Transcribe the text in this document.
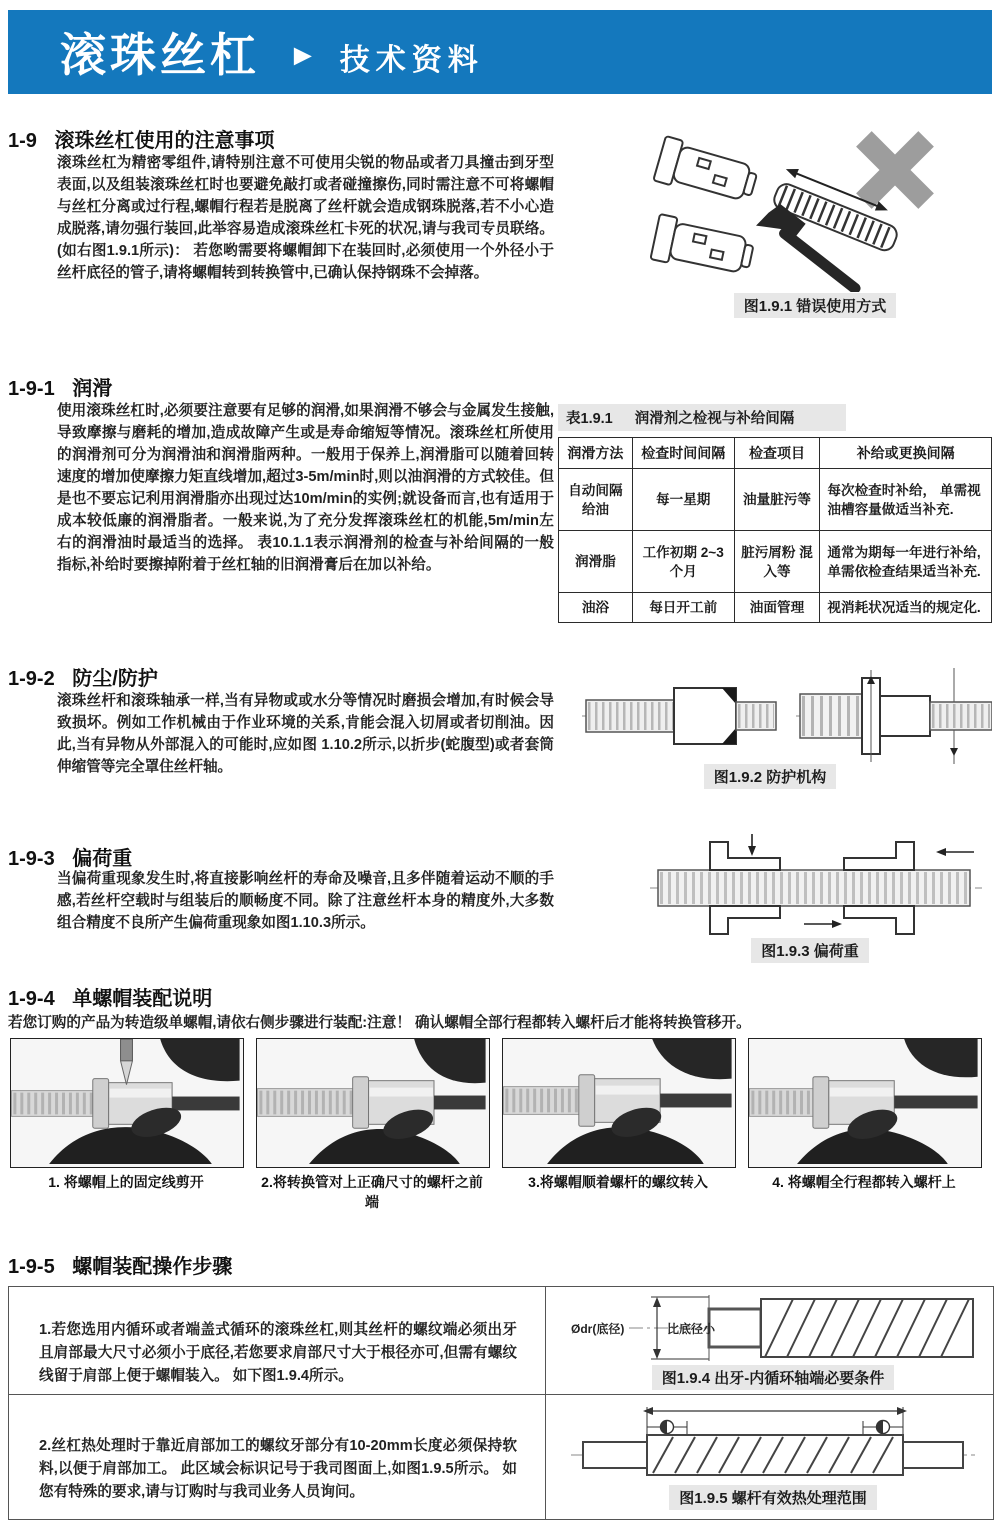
滚珠丝杠 ► 技术资料
1-9 滚珠丝杠使用的注意事项
滚珠丝杠为精密零组件,请特别注意不可使用尖锐的物品或者刀具撞击到牙型表面,以及组装滚珠丝杠时也要避免敲打或者碰撞擦伤,同时需注意不可将螺帽与丝杠分离或过行程,螺帽行程若是脱离了丝杆就会造成钢珠脱落,若不小心造成脱落,请勿强行装回,此举容易造成滚珠丝杠卡死的状况,请与我司专员联络。(如右图1.9.1所示)： 若您哟需要将螺帽卸下在装回时,必须使用一个外径小于丝杆底径的管子,请将螺帽转到转换管中,已确认保持钢珠不会掉落。
图1.9.1 错误使用方式
1-9-1 润滑
使用滚珠丝杠时,必须要注意要有足够的润滑,如果润滑不够会与金属发生接触,导致摩擦与磨耗的增加,造成故障产生或是寿命缩短等情况。滚珠丝杠所使用的润滑剂可分为润滑油和润滑脂两种。一般用于保养上,润滑脂可以随着回转速度的增加使摩擦力矩直线增加,超过3-5m/min时,则以油润滑的方式较佳。但是也不要忘记利用润滑脂亦出现过达10m/min的实例;就设备而言,也有适用于成本较低廉的润滑脂者。一般来说,为了充分发挥滚珠丝杠的机能,5m/min左右的润滑油时最适当的选择。 表10.1.1表示润滑剂的检查与补给间隔的一般指标,补给时要擦掉附着于丝杠轴的旧润滑膏后在加以补给。
表1.9.1 润滑剂之检视与补给间隔
润滑方法	检查时间间隔	检查项目	补给或更换间隔
自动间隔给油	每一星期	油量脏污等	每次检查时补给， 单需视油槽容量做适当补充.
润滑脂	工作初期 2~3个月	脏污屑粉 混入等	通常为期每一年进行补给,单需依检查结果适当补充.
油浴	每日开工前	油面管理	视消耗状况适当的规定化.
1-9-2 防尘/防护
滚珠丝杆和滚珠轴承一样,当有异物或或水分等情况时磨损会增加,有时候会导致损坏。例如工作机械由于作业环境的关系,肯能会混入切屑或者切削油。因此,当有异物从外部混入的可能时,应如图 1.10.2所示,以折步(蛇腹型)或者套筒伸缩管等完全罩住丝杆轴。
图1.9.2 防护机构
1-9-3 偏荷重
当偏荷重现象发生时,将直接影响丝杆的寿命及噪音,且多伴随着运动不顺的手感,若丝杆空载时与组装后的顺畅度不同。除了注意丝杆本身的精度外,大多数组合精度不良所产生偏荷重现象如图1.10.3所示。
图1.9.3 偏荷重
1-9-4 单螺帽装配说明
若您订购的产品为转造级单螺帽,请依右侧步骤进行装配:注意！ 确认螺帽全部行程都转入螺杆后才能将转换管移开。
1. 将螺帽上的固定线剪开	2.将转换管对上正确尺寸的螺杆之前端
3.将螺帽顺着螺杆的螺纹转入	4. 将螺帽全行程都转入螺杆上
1-9-5 螺帽装配操作步骤
1.若您选用内循环或者端盖式循环的滚珠丝杠,则其丝杆的螺纹端必须出牙且肩部最大尺寸必须小于底径,若您要求肩部尺寸大于根径亦可,但需有螺纹线留于肩部上便于螺帽装入。 如下图1.9.4所示。
2.丝杠热处理时于靠近肩部加工的螺纹牙部分有10-20mm长度必须保持软料,以便于肩部加工。 此区域会标识记号于我司图面上,如图1.9.5所示。 如您有特殊的要求,请与订购时与我司业务人员询问。
Ødr(底径)	比底径小
图1.9.4 出牙-内循环轴端必要条件
图1.9.5 螺杆有效热处理范围
